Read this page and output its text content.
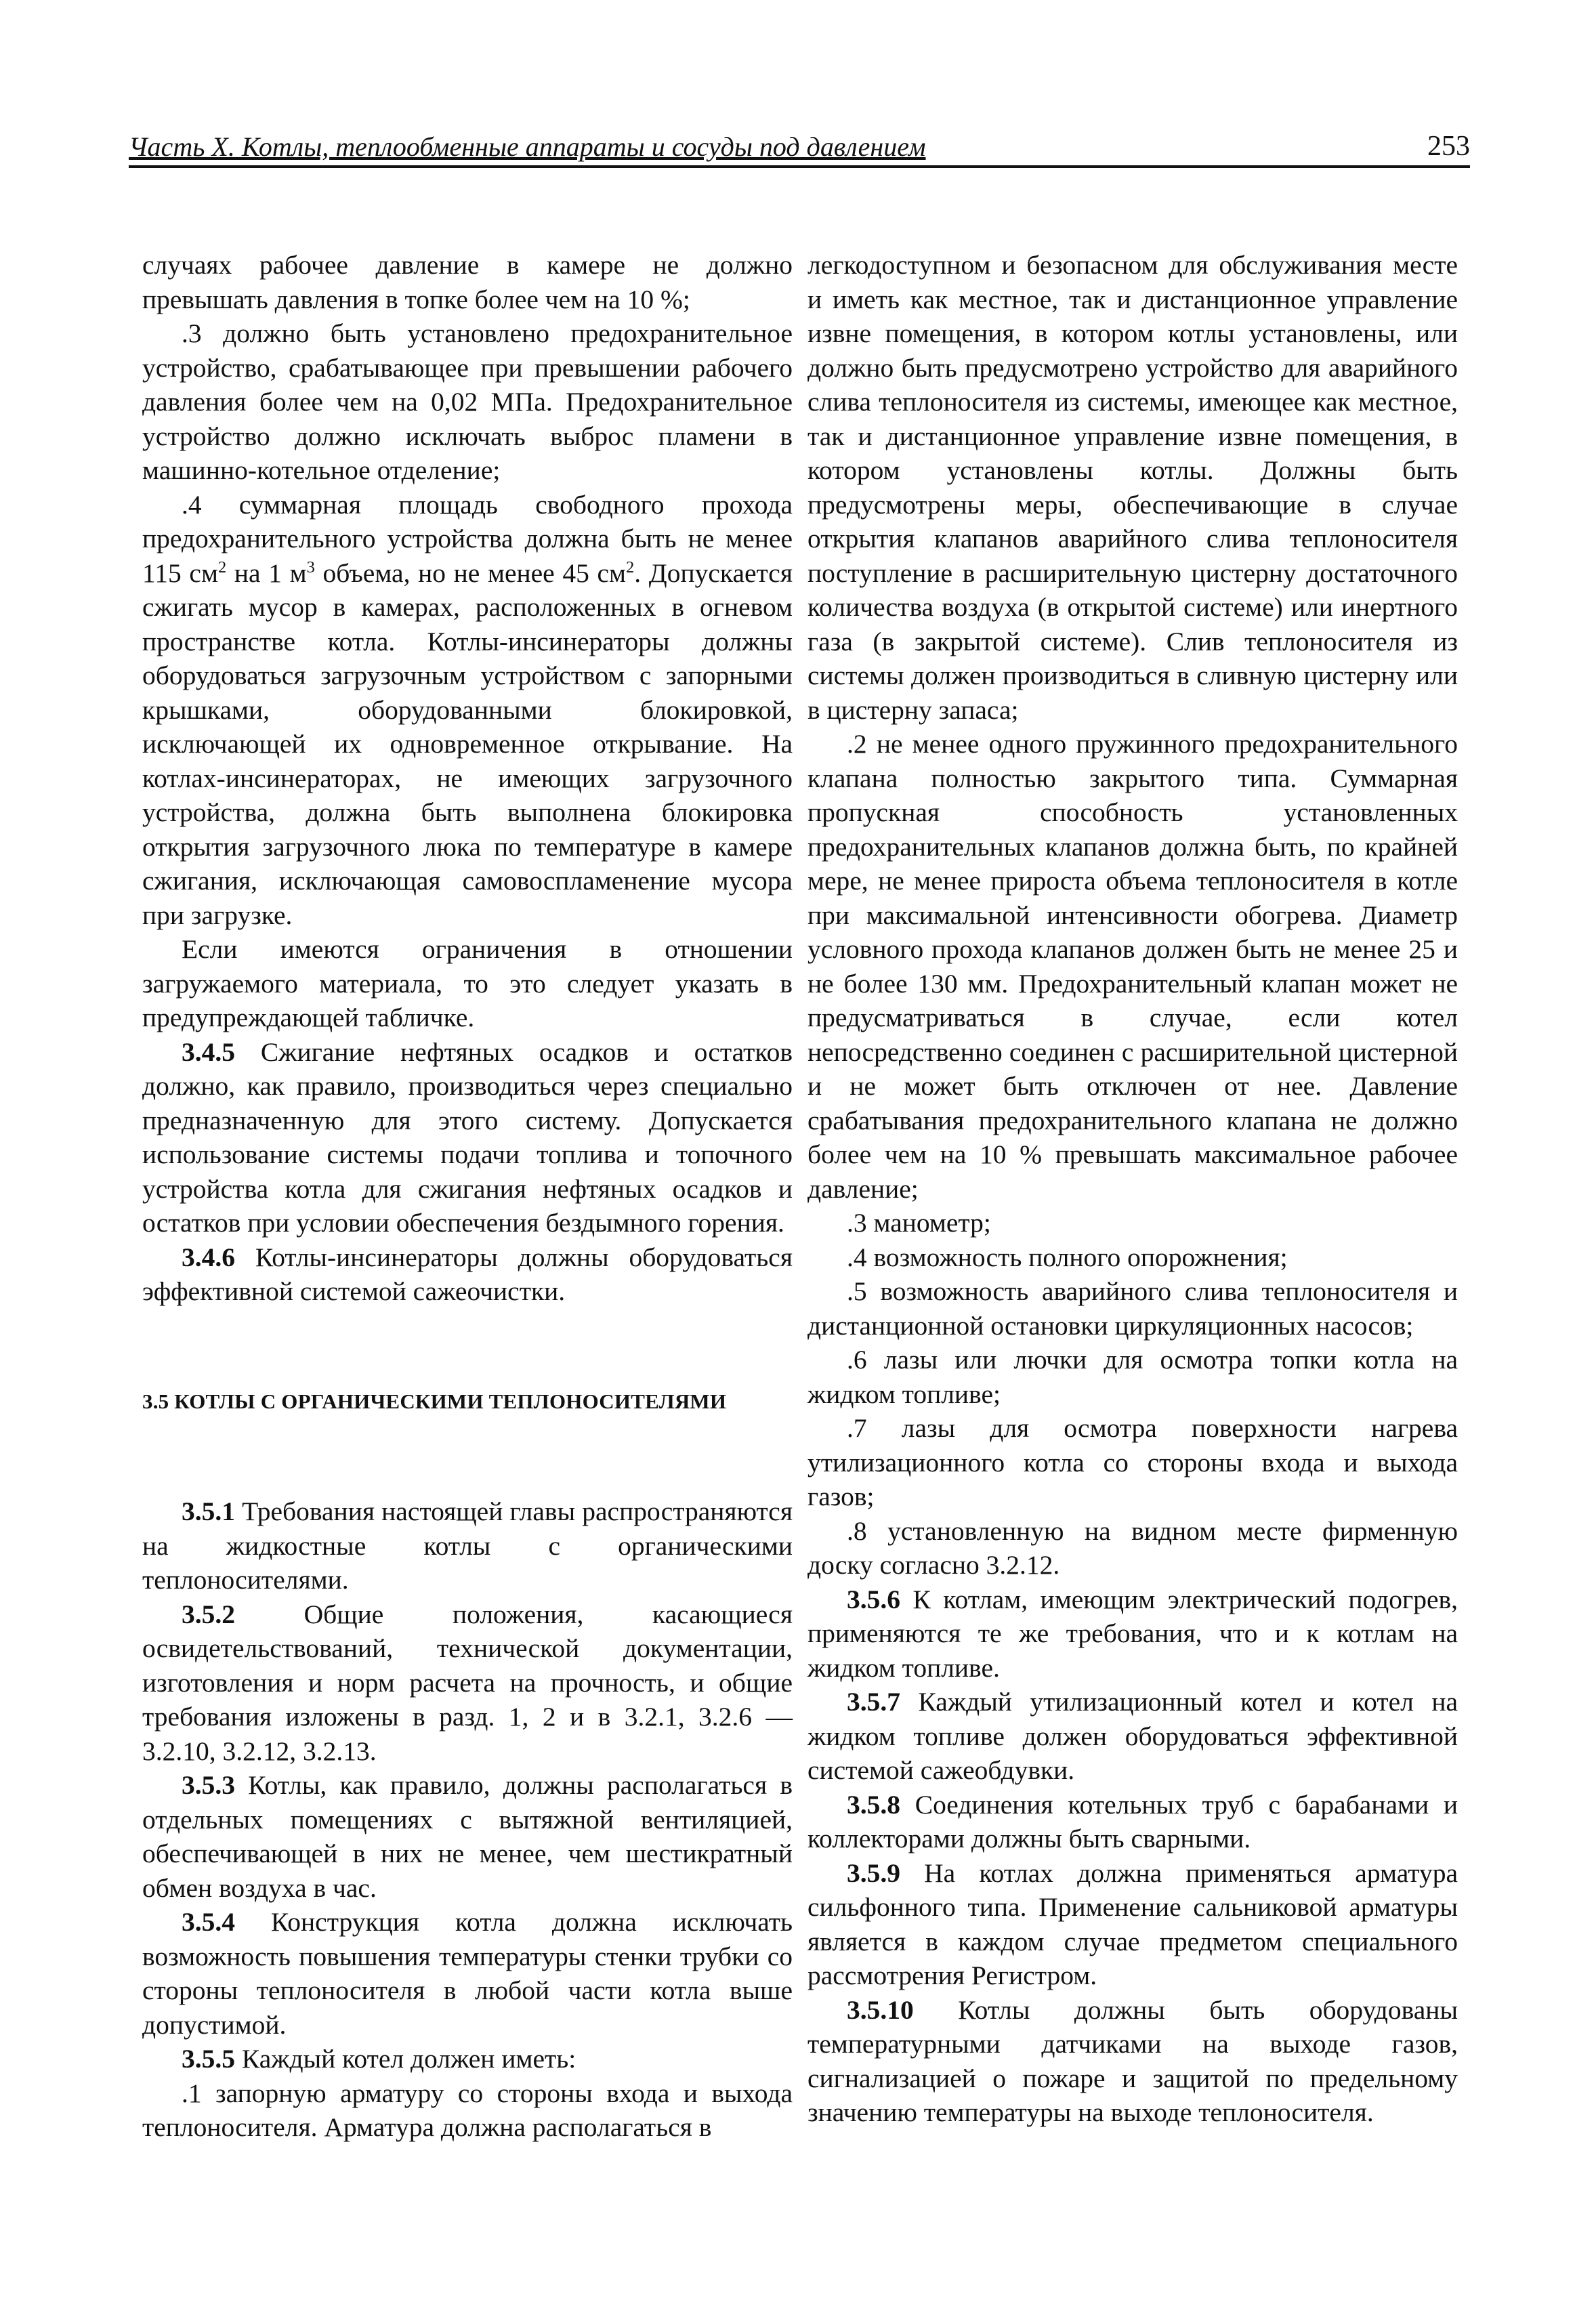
Часть X. Котлы, теплообменные аппараты и сосуды под давлением	253

случаях рабочее давление в камере не должно превышать давления в топке более чем на 10 %;

.3 должно быть установлено предохранительное устройство, срабатывающее при превышении рабочего давления более чем на 0,02 МПа. Предохранительное устройство должно исключать выброс пламени в машинно-котельное отделение;

.4 суммарная площадь свободного прохода предохранительного устройства должна быть не менее 115 $см^2$ на 1 $м^3$ объема, но не менее 45 $см^2$. Допускается сжигать мусор в камерах, расположенных в огневом пространстве котла. Котлы-инсинераторы должны оборудоваться загрузочным устройством с запорными крышками, оборудованными блокировкой, исключающей их одновременное открывание. На котлах-инсинераторах, не имеющих загрузочного устройства, должна быть выполнена блокировка открытия загрузочного люка по температуре в камере сжигания, исключающая самовоспламенение мусора при загрузке.

Если имеются ограничения в отношении загружаемого материала, то это следует указать в предупреждающей табличке.

3.4.5 Сжигание нефтяных осадков и остатков должно, как правило, производиться через специально предназначенную для этого систему. Допускается использование системы подачи топлива и топочного устройства котла для сжигания нефтяных осадков и остатков при условии обеспечения бездымного горения.

3.4.6 Котлы-инсинераторы должны оборудоваться эффективной системой сажеочистки.

3.5 КОТЛЫ С ОРГАНИЧЕСКИМИ ТЕПЛОНОСИТЕЛЯМИ

3.5.1 Требования настоящей главы распространяются на жидкостные котлы с органическими теплоносителями.

3.5.2 Общие положения, касающиеся освидетельствований, технической документации, изготовления и норм расчета на прочность, и общие требования изложены в разд. 1, 2 и в 3.2.1, 3.2.6 — 3.2.10, 3.2.12, 3.2.13.

3.5.3 Котлы, как правило, должны располагаться в отдельных помещениях с вытяжной вентиляцией, обеспечивающей в них не менее, чем шестикратный обмен воздуха в час.

3.5.4 Конструкция котла должна исключать возможность повышения температуры стенки трубки со стороны теплоносителя в любой части котла выше допустимой.

3.5.5 Каждый котел должен иметь:

.1 запорную арматуру со стороны входа и выхода теплоносителя. Арматура должна располагаться в

легкодоступном и безопасном для обслуживания месте и иметь как местное, так и дистанционное управление извне помещения, в котором котлы установлены, или должно быть предусмотрено устройство для аварийного слива теплоносителя из системы, имеющее как местное, так и дистанционное управление извне помещения, в котором установлены котлы. Должны быть предусмотрены меры, обеспечивающие в случае открытия клапанов аварийного слива теплоносителя поступление в расширительную цистерну достаточного количества воздуха (в открытой системе) или инертного газа (в закрытой системе). Слив теплоносителя из системы должен производиться в сливную цистерну или в цистерну запаса;

.2 не менее одного пружинного предохранительного клапана полностью закрытого типа. Суммарная пропускная способность установленных предохранительных клапанов должна быть, по крайней мере, не менее прироста объема теплоносителя в котле при максимальной интенсивности обогрева. Диаметр условного прохода клапанов должен быть не менее 25 и не более 130 мм. Предохранительный клапан может не предусматриваться в случае, если котел непосредственно соединен с расширительной цистерной и не может быть отключен от нее. Давление срабатывания предохранительного клапана не должно более чем на 10 % превышать максимальное рабочее давление;

.3 манометр;

.4 возможность полного опорожнения;

.5 возможность аварийного слива теплоносителя и дистанционной остановки циркуляционных насосов;

.6 лазы или лючки для осмотра топки котла на жидком топливе;

.7 лазы для осмотра поверхности нагрева утилизационного котла со стороны входа и выхода газов;

.8 установленную на видном месте фирменную доску согласно 3.2.12.

3.5.6 К котлам, имеющим электрический подогрев, применяются те же требования, что и к котлам на жидком топливе.

3.5.7 Каждый утилизационный котел и котел на жидком топливе должен оборудоваться эффективной системой сажеобдувки.

3.5.8 Соединения котельных труб с барабанами и коллекторами должны быть сварными.

3.5.9 На котлах должна применяться арматура сильфонного типа. Применение сальниковой арматуры является в каждом случае предметом специального рассмотрения Регистром.

3.5.10 Котлы должны быть оборудованы температурными датчиками на выходе газов, сигнализацией о пожаре и защитой по предельному значению температуры на выходе теплоносителя.
